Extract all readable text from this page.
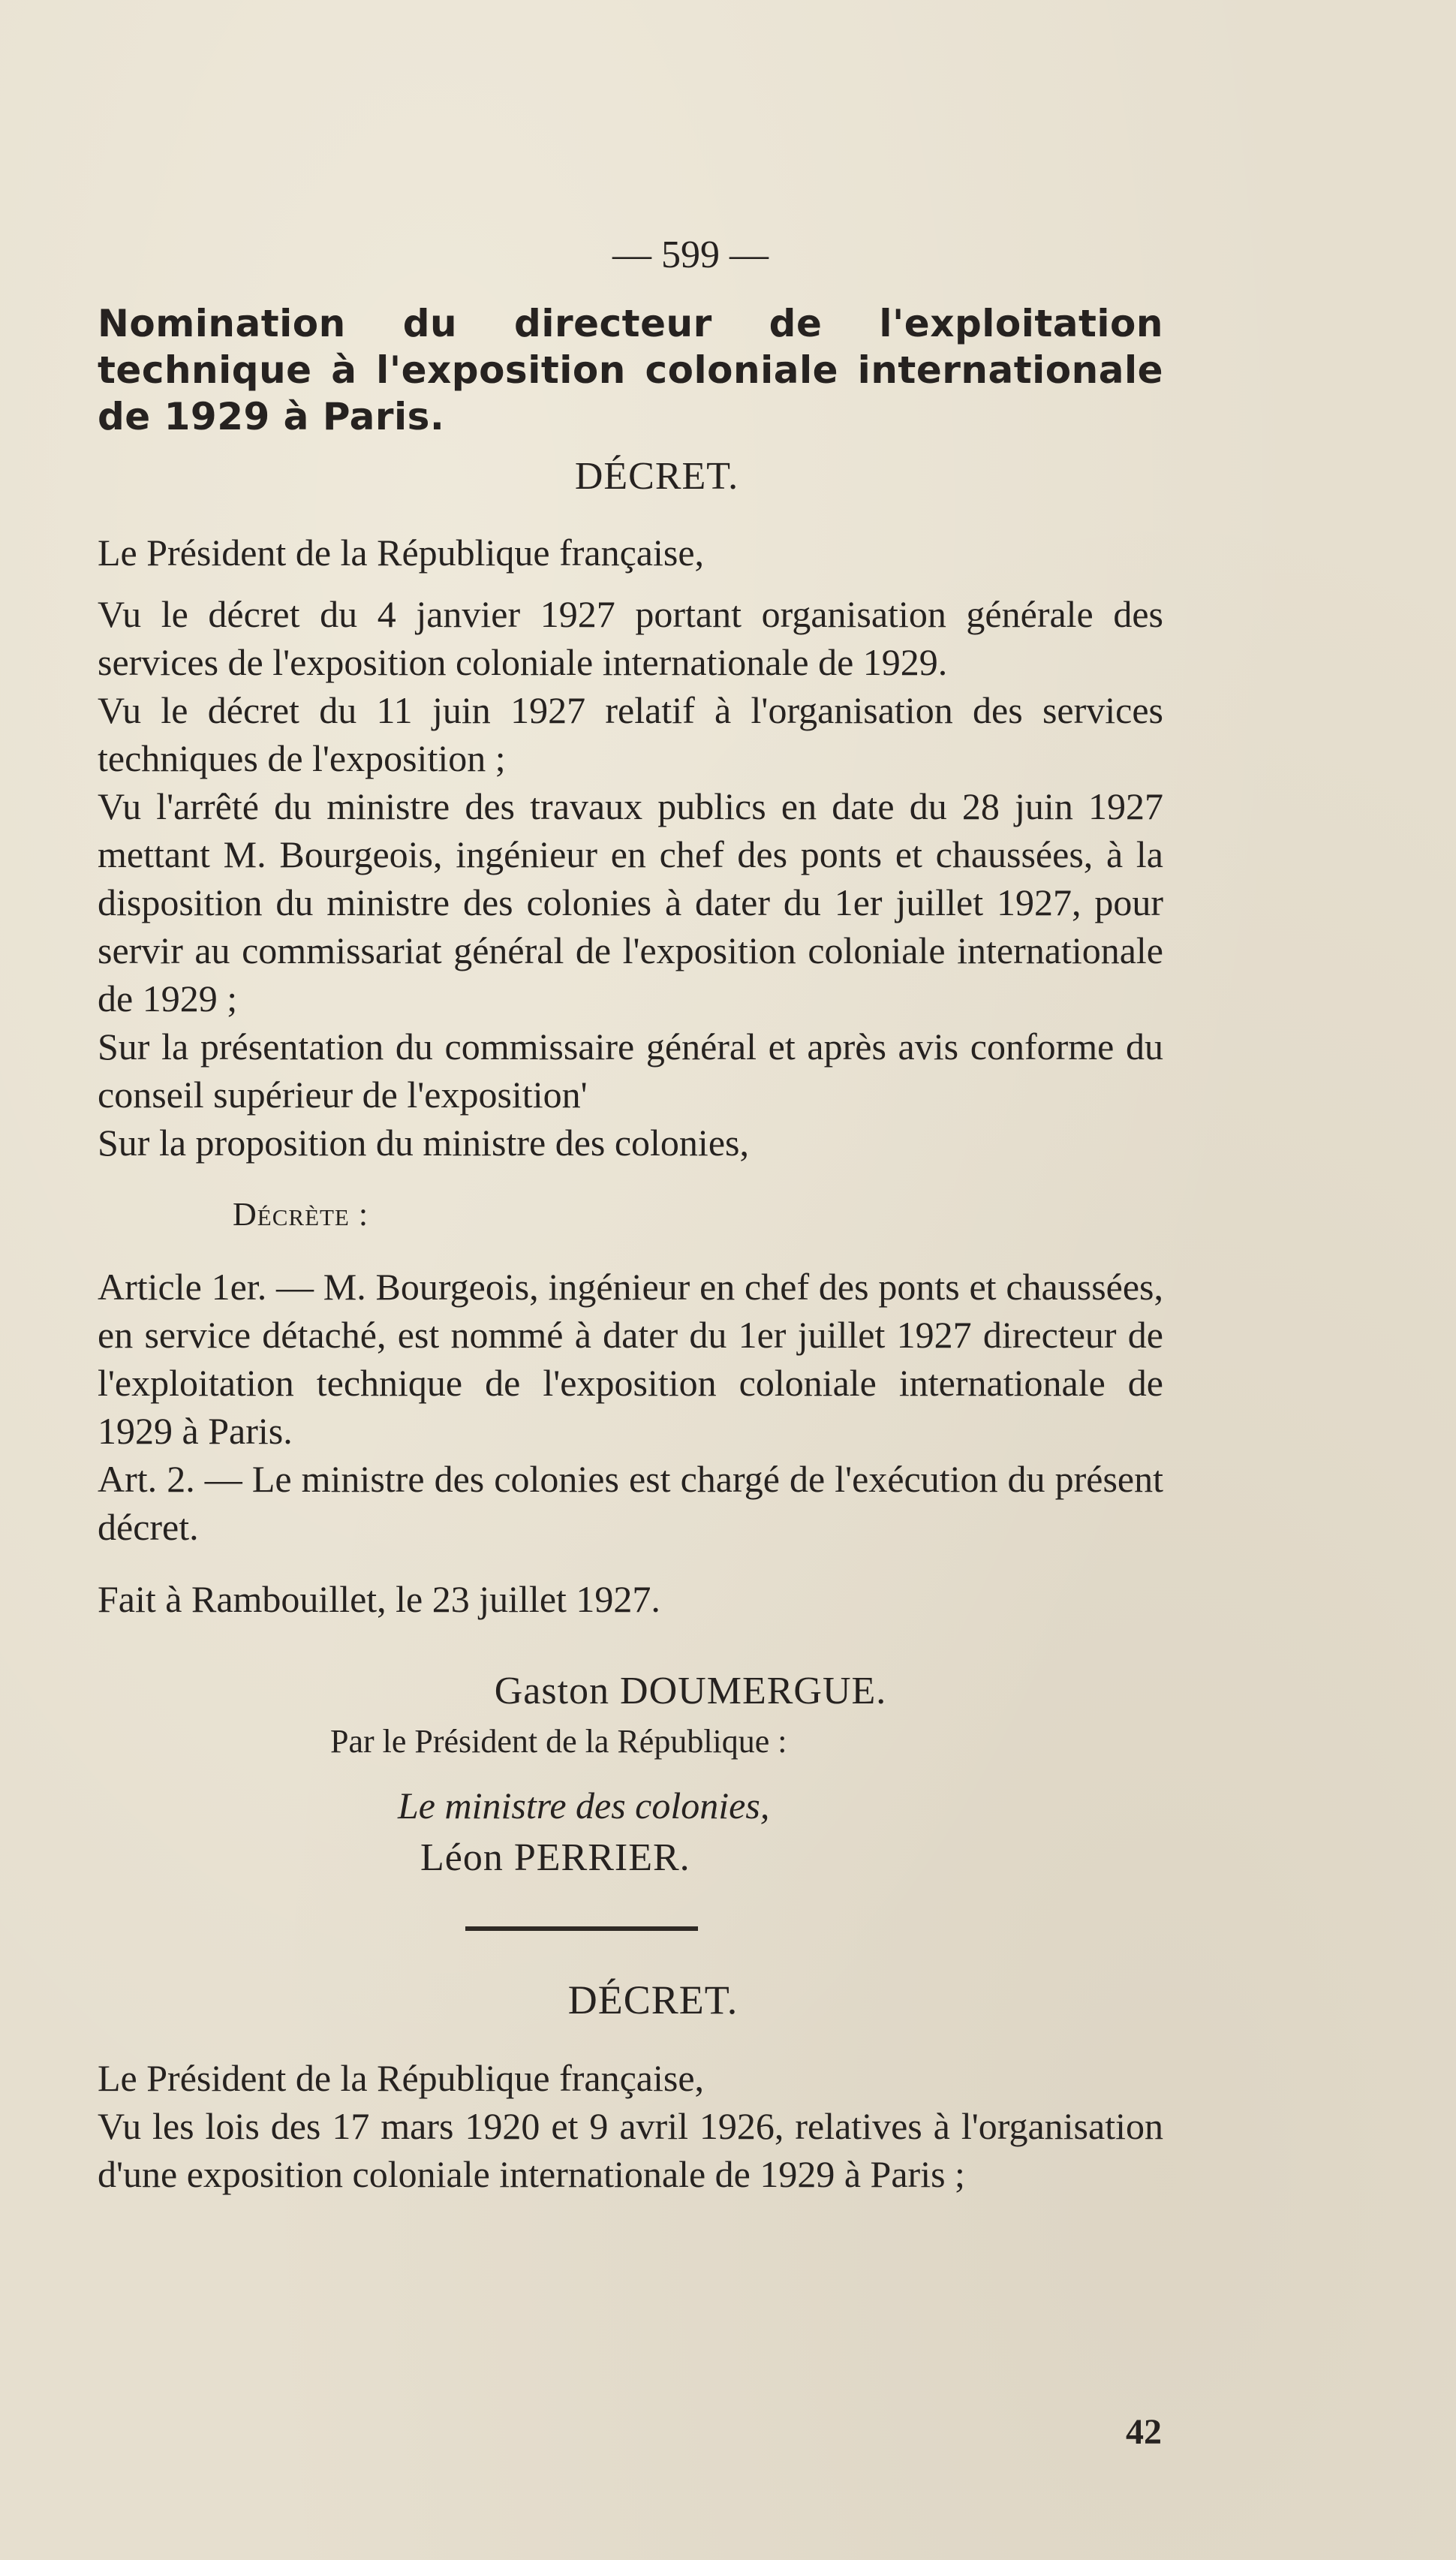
— 599 —

Nomination du directeur de l'exploitation technique à l'exposition coloniale internationale de 1929 à Paris.

DÉCRET.

Le Président de la République française,

Vu le décret du 4 janvier 1927 portant organisation générale des services de l'exposition coloniale internationale de 1929.

Vu le décret du 11 juin 1927 relatif à l'organisation des services techniques de l'exposition ;

Vu l'arrêté du ministre des travaux publics en date du 28 juin 1927 mettant M. Bourgeois, ingénieur en chef des ponts et chaussées, à la disposition du ministre des colonies à dater du 1er juillet 1927, pour servir au commissariat général de l'exposition coloniale internationale de 1929 ;

Sur la présentation du commissaire général et après avis conforme du conseil supérieur de l'exposition'

Sur la proposition du ministre des colonies,

Décrète :

Article 1er. — M. Bourgeois, ingénieur en chef des ponts et chaussées, en service détaché, est nommé à dater du 1er juillet 1927 directeur de l'exploitation technique de l'exposition coloniale internationale de 1929 à Paris.

Art. 2. — Le ministre des colonies est chargé de l'exécution du présent décret.

Fait à Rambouillet, le 23 juillet 1927.

Gaston DOUMERGUE.

Par le Président de la République :

Le ministre des colonies,

Léon PERRIER.

DÉCRET.

Le Président de la République française,

Vu les lois des 17 mars 1920 et 9 avril 1926, relatives à l'organisation d'une exposition coloniale internationale de 1929 à Paris ;

42
